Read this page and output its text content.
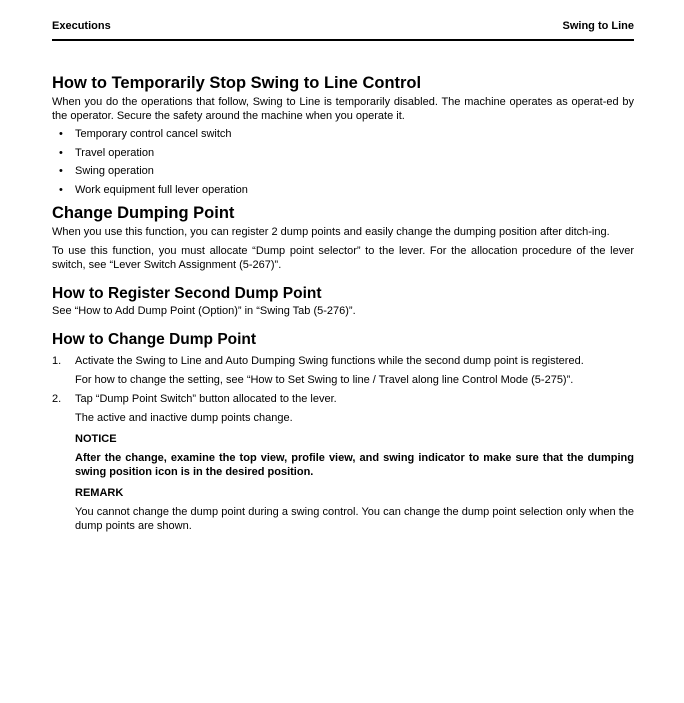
Executions	Swing to Line
How to Temporarily Stop Swing to Line Control

When you do the operations that follow, Swing to Line is temporarily disabled. The machine operates as operat-ed by the operator. Secure the safety around the machine when you operate it.

• Temporary control cancel switch
• Travel operation
• Swing operation
• Work equipment full lever operation
Change Dumping Point

When you use this function, you can register 2 dump points and easily change the dumping position after ditch-ing.

To use this function, you must allocate “Dump point selector” to the lever. For the allocation procedure of the lever switch, see “Lever Switch Assignment (5-267)”.

How to Register Second Dump Point

See “How to Add Dump Point (Option)” in “Swing Tab (5-276)”.

How to Change Dump Point
1. Activate the Swing to Line and Auto Dumping Swing functions while the second dump point is registered.

For how to change the setting, see “How to Set Swing to line / Travel along line Control Mode (5-275)”.

2. Tap “Dump Point Switch” button allocated to the lever.

The active and inactive dump points change.

NOTICE

After the change, examine the top view, profile view, and swing indicator to make sure that the dumping swing position icon is in the desired position.

REMARK

You cannot change the dump point during a swing control. You can change the dump point selection only when the dump points are shown.
